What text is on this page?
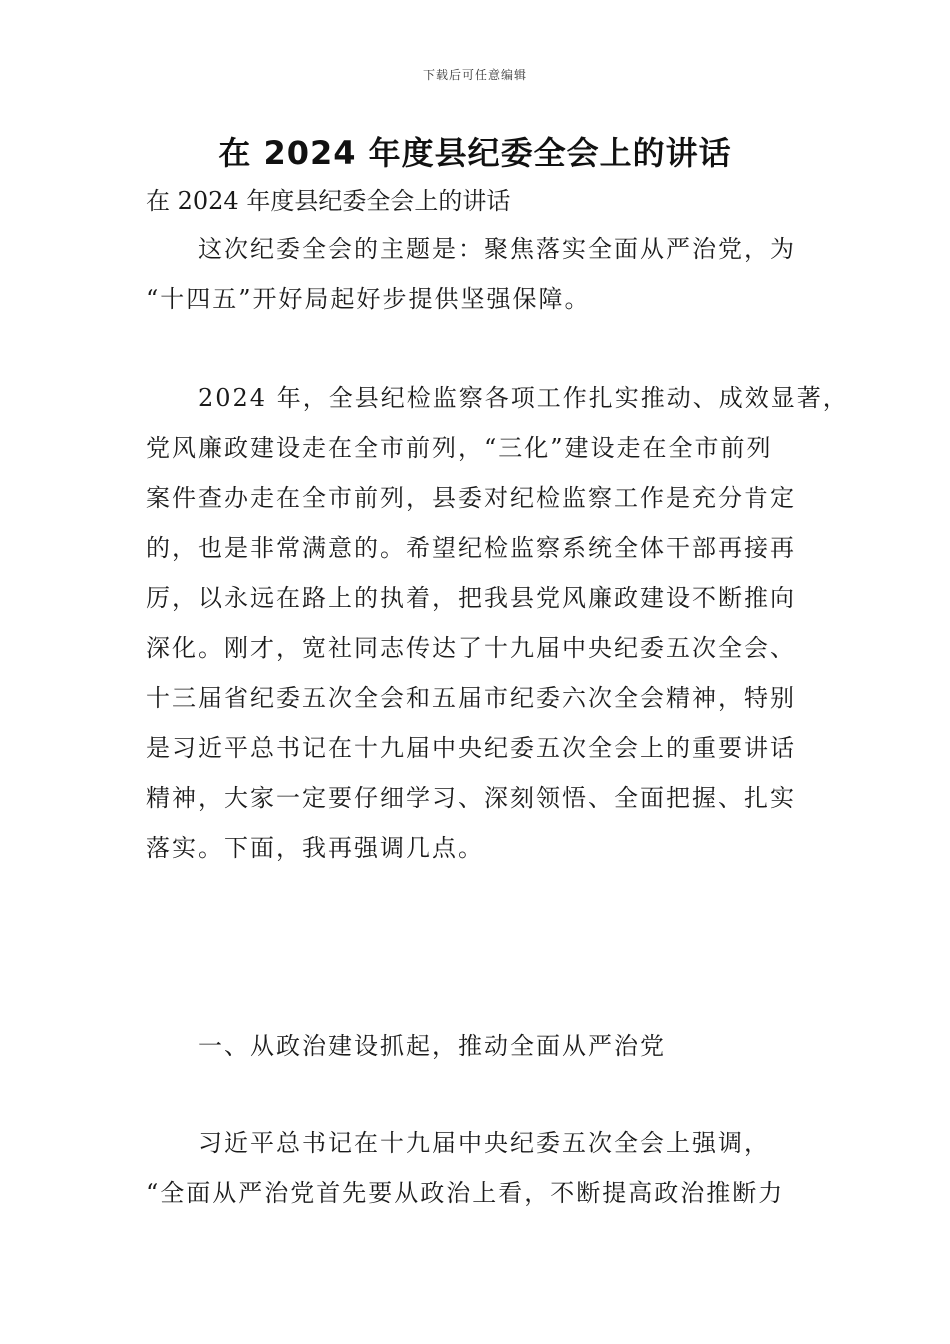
下载后可任意编辑
在 2024 年度县纪委全会上的讲话
在 2024 年度县纪委全会上的讲话
　　这次纪委全会的主题是：聚焦落实全面从严治党，为
“十四五”开好局起好步提供坚强保障。
　　2024 年，全县纪检监察各项工作扎实推动、成效显著，
党风廉政建设走在全市前列，“三化”建设走在全市前列
案件查办走在全市前列，县委对纪检监察工作是充分肯定
的，也是非常满意的。希望纪检监察系统全体干部再接再
厉，以永远在路上的执着，把我县党风廉政建设不断推向
深化。刚才，宽社同志传达了十九届中央纪委五次全会、
十三届省纪委五次全会和五届市纪委六次全会精神，特别
是习近平总书记在十九届中央纪委五次全会上的重要讲话
精神，大家一定要仔细学习、深刻领悟、全面把握、扎实
落实。下面，我再强调几点。
　　一、从政治建设抓起，推动全面从严治党
　　习近平总书记在十九届中央纪委五次全会上强调，
“全面从严治党首先要从政治上看，不断提高政治推断力
